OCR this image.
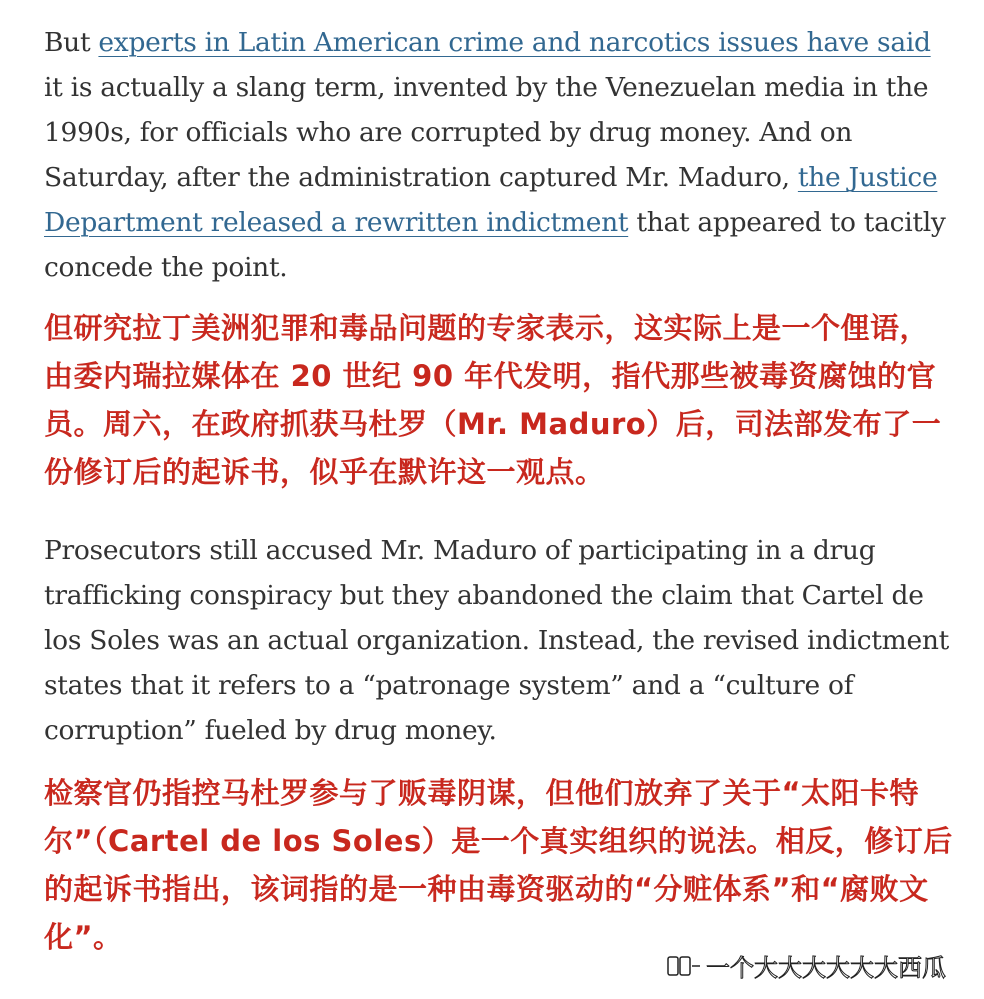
But experts in Latin American crime and narcotics issues have said it is actually a slang term, invented by the Venezuelan media in the 1990s, for officials who are corrupted by drug money. And on Saturday, after the administration captured Mr. Maduro, the Justice Department released a rewritten indictment that appeared to tacitly concede the point.

但研究拉丁美洲犯罪和毒品问题的专家表示，这实际上是一个俚语，由委内瑞拉媒体在 20 世纪 90 年代发明，指代那些被毒资腐蚀的官员。周六，在政府抓获马杜罗（Mr. Maduro）后，司法部发布了一份修订后的起诉书，似乎在默许这一观点。

Prosecutors still accused Mr. Maduro of participating in a drug trafficking conspiracy but they abandoned the claim that Cartel de los Soles was an actual organization. Instead, the revised indictment states that it refers to a “patronage system” and a “culture of corruption” fueled by drug money.

检察官仍指控马杜罗参与了贩毒阴谋，但他们放弃了关于“太阳卡特尔”（Cartel de los Soles）是一个真实组织的说法。相反，修订后的起诉书指出，该词指的是一种由毒资驱动的“分赃体系”和“腐败文化”。

一个大大大大大大西瓜
